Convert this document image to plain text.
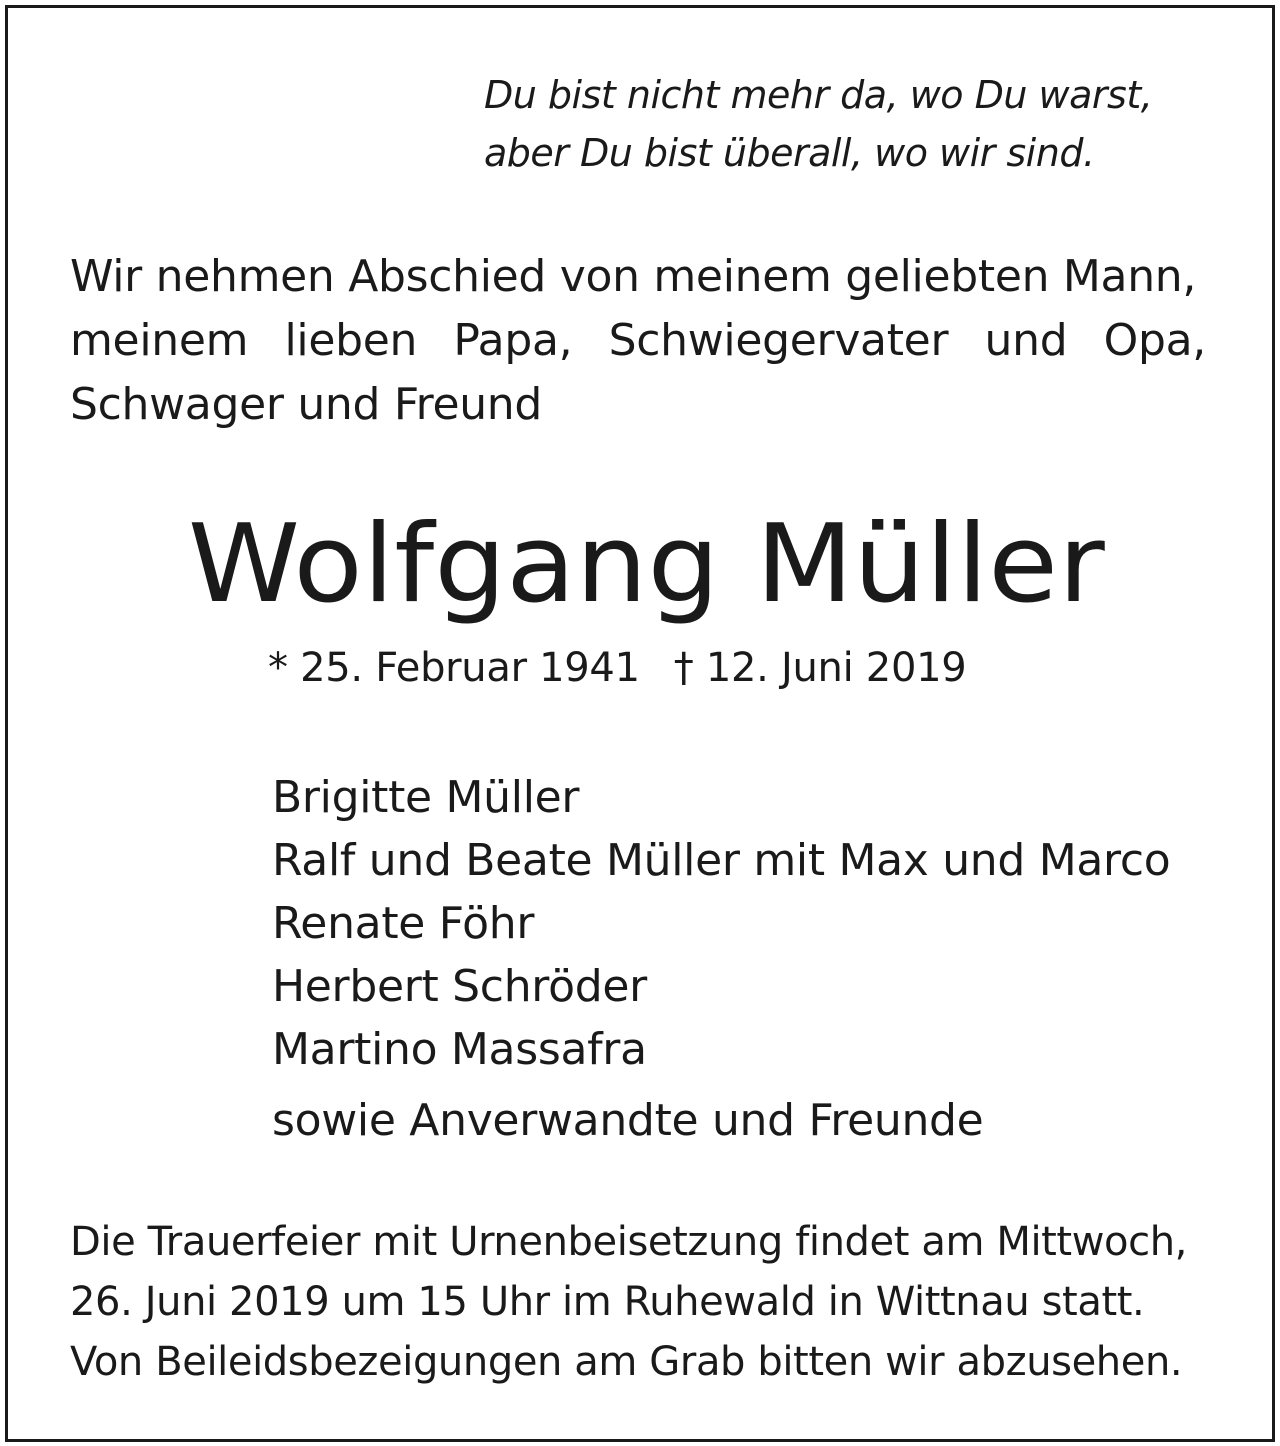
Du bist nicht mehr da, wo Du warst,
aber Du bist überall, wo wir sind.
Wir nehmen Abschied von meinem geliebten Mann,
meinem lieben Papa, Schwiegervater und Opa,
Schwager und Freund
Wolfgang Müller
* 25. Februar 1941 † 12. Juni 2019
Brigitte Müller
Ralf und Beate Müller mit Max und Marco
Renate Föhr
Herbert Schröder
Martino Massafra
sowie Anverwandte und Freunde
Die Trauerfeier mit Urnenbeisetzung findet am Mittwoch,
26. Juni 2019 um 15 Uhr im Ruhewald in Wittnau statt.
Von Beileidsbezeigungen am Grab bitten wir abzusehen.
